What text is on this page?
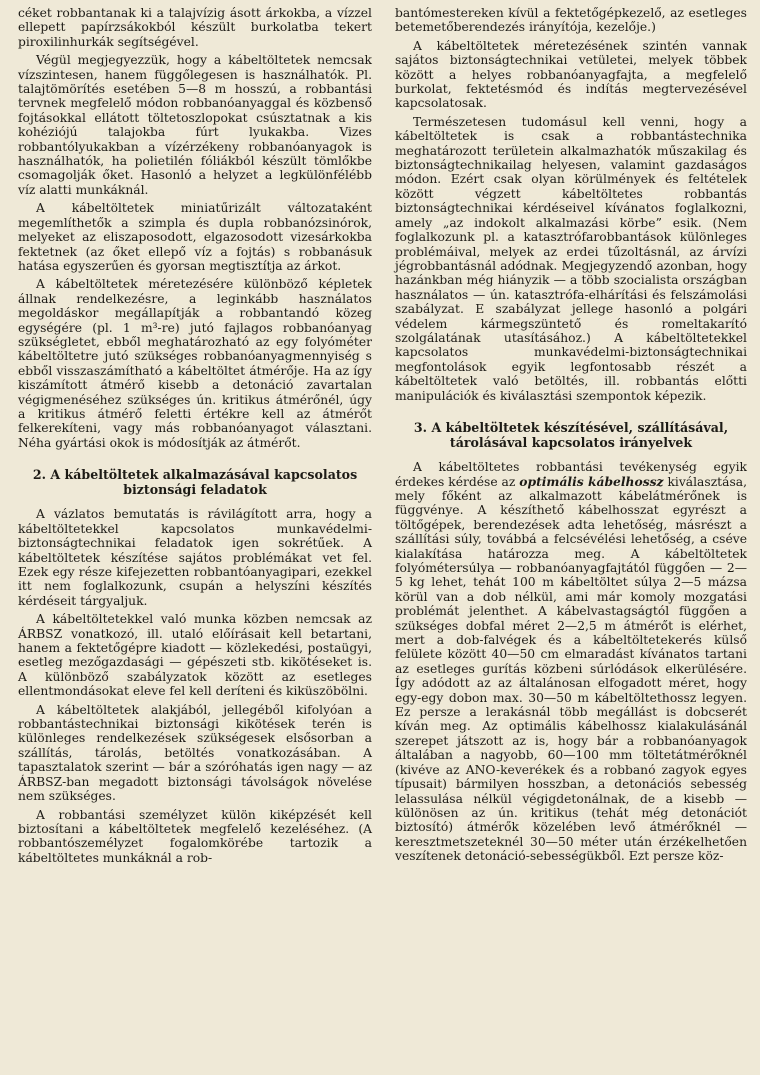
céket robbantanak ki a talajvízig ásott árkokba, a vízzel ellepett papírzsákokból készült burkolatba tekert piroxilinhurkák segítségével.

Végül megjegyezzük, hogy a kábeltöltetek nemcsak vízszintesen, hanem függőlegesen is használhatók. Pl. talajtömörítés esetében 5—8 m hosszú, a robbantási tervnek megfelelő módon robbanóanyaggal és közbenső fojtásokkal ellátott töltetoszlopokat csúsztatnak a kis kohéziójú talajokba fúrt lyukakba. Vizes robbantólyukakban a vízérzékeny robbanóanyagok is használhatók, ha polietilén fóliákból készült tömlőkbe csomagolják őket. Hasonló a helyzet a legkülönfélébb víz alatti munkáknál.

A kábeltöltetek miniatűrizált változataként megemlíthetők a szimpla és dupla robbanózsinórok, melyeket az eliszaposodott, elgazosodott vizesárkokba fektetnek (az őket ellepő víz a fojtás) s robbanásuk hatása egyszerűen és gyorsan megtisztítja az árkot.

A kábeltöltetek méretezésére különböző képletek állnak rendelkezésre, a leginkább használatos megoldáskor megállapítják a robbantandó közeg egységére (pl. 1 m³-re) jutó fajlagos robbanóanyag szükségletet, ebből meghatározható az egy folyóméter kábeltöltetre jutó szükséges robbanóanyagmennyiség s ebből visszaszámítható a kábeltöltet átmérője. Ha az így kiszámított átmérő kisebb a detonáció zavartalan végigmenéséhez szükséges ún. kritikus átmérőnél, úgy a kritikus átmérő feletti értékre kell az átmérőt felkerekíteni, vagy más robbanóanyagot választani. Néha gyártási okok is módosítják az átmérőt.

2. A kábeltöltetek alkalmazásával kapcsolatos biztonsági feladatok

A vázlatos bemutatás is rávilágított arra, hogy a kábeltöltetekkel kapcsolatos munkavédelmi-biztonságtechnikai feladatok igen sokrétűek. A kábeltöltetek készítése sajátos problémákat vet fel. Ezek egy része kifejezetten robbantóanyagipari, ezekkel itt nem foglalkozunk, csupán a helyszíni készítés kérdéseit tárgyaljuk.

A kábeltöltetekkel való munka közben nemcsak az ÁRBSZ vonatkozó, ill. utaló előírásait kell betartani, hanem a fektetőgépre kiadott — közlekedési, postaügyi, esetleg mezőgazdasági — gépészeti stb. kikötéseket is. A különböző szabályzatok között az esetleges ellentmondásokat eleve fel kell deríteni és kiküszöbölni.

A kábeltöltetek alakjából, jellegéből kifolyóan a robbantástechnikai biztonsági kikötések terén is különleges rendelkezések szükségesek elsősorban a szállítás, tárolás, betöltés vonatkozásában. A tapasztalatok szerint — bár a szóróhatás igen nagy — az ÁRBSZ-ban megadott biztonsági távolságok növelése nem szükséges.

A robbantási személyzet külön kiképzését kell biztosítani a kábeltöltetek megfelelő kezeléséhez. (A robbantószemélyzet fogalomkörébe tartozik a kábeltöltetes munkáknál a rob-

bantómestereken kívül a fektetőgépkezelő, az esetleges betemetőberendezés irányítója, kezelője.)

A kábeltöltetek méretezésének szintén vannak sajátos biztonságtechnikai vetületei, melyek többek között a helyes robbanóanyagfajta, a megfelelő burkolat, fektetésmód és indítás megtervezésével kapcsolatosak.

Természetesen tudomásul kell venni, hogy a kábeltöltetek is csak a robbantástechnika meghatározott területein alkalmazhatók műszakilag és biztonságtechnikailag helyesen, valamint gazdaságos módon. Ezért csak olyan körülmények és feltételek között végzett kábeltöltetes robbantás biztonságtechnikai kérdéseivel kívánatos foglalkozni, amely „az indokolt alkalmazási körbe” esik. (Nem foglalkozunk pl. a katasztrófarobbantások különleges problémáival, melyek az erdei tűzoltásnál, az árvízi jégrobbantásnál adódnak. Megjegyzendő azonban, hogy hazánkban még hiányzik — a több szocialista országban használatos — ún. katasztrófa-elhárítási és felszámolási szabályzat. E szabályzat jellege hasonló a polgári védelem kármegszüntető és romeltakarító szolgálatának utasításához.) A kábeltöltetekkel kapcsolatos munkavédelmi-biztonságtechnikai megfontolások egyik legfontosabb részét a kábeltöltetek való betöltés, ill. robbantás előtti manipulációk és kiválasztási szempontok képezik.

3. A kábeltöltetek készítésével, szállításával, tárolásával kapcsolatos irányelvek

A kábeltöltetes robbantási tevékenység egyik érdekes kérdése az optimális kábelhossz kiválasztása, mely főként az alkalmazott kábelátmérőnek is függvénye. A készíthető kábelhosszat egyrészt a töltőgépek, berendezések adta lehetőség, másrészt a szállítási súly, továbbá a felcsévélési lehetőség, a cséve kialakítása határozza meg. A kábeltöltetek folyómétersúlya — robbanóanyagfajtától függően — 2—5 kg lehet, tehát 100 m kábeltöltet súlya 2—5 mázsa körül van a dob nélkül, ami már komoly mozgatási problémát jelenthet. A kábelvastagságtól függően a szükséges dobfal méret 2—2,5 m átmérőt is elérhet, mert a dob-falvégek és a kábeltöltetekerés külső felülete között 40—50 cm elmaradást kívánatos tartani az esetleges gurítás közbeni súrlódások elkerülésére. Így adódott az az általánosan elfogadott méret, hogy egy-egy dobon max. 30—50 m kábeltöltethossz legyen. Ez persze a lerakásnál több megállást is dobcserét kíván meg. Az optimális kábelhossz kialakulásánál szerepet játszott az is, hogy bár a robbanóanyagok általában a nagyobb, 60—100 mm töltetátmérőknél (kivéve az ANO-keverékek és a robbanó zagyok egyes típusait) bármilyen hosszban, a detonációs sebesség lelassulása nélkül végigdetonálnak, de a kisebb — különösen az ún. kritikus (tehát még detonációt biztosító) átmérők közelében levő átmérőknél — keresztmetszeteknél 30—50 méter után érzékelhetően veszítenek detonáció-sebességükből. Ezt persze köz-
